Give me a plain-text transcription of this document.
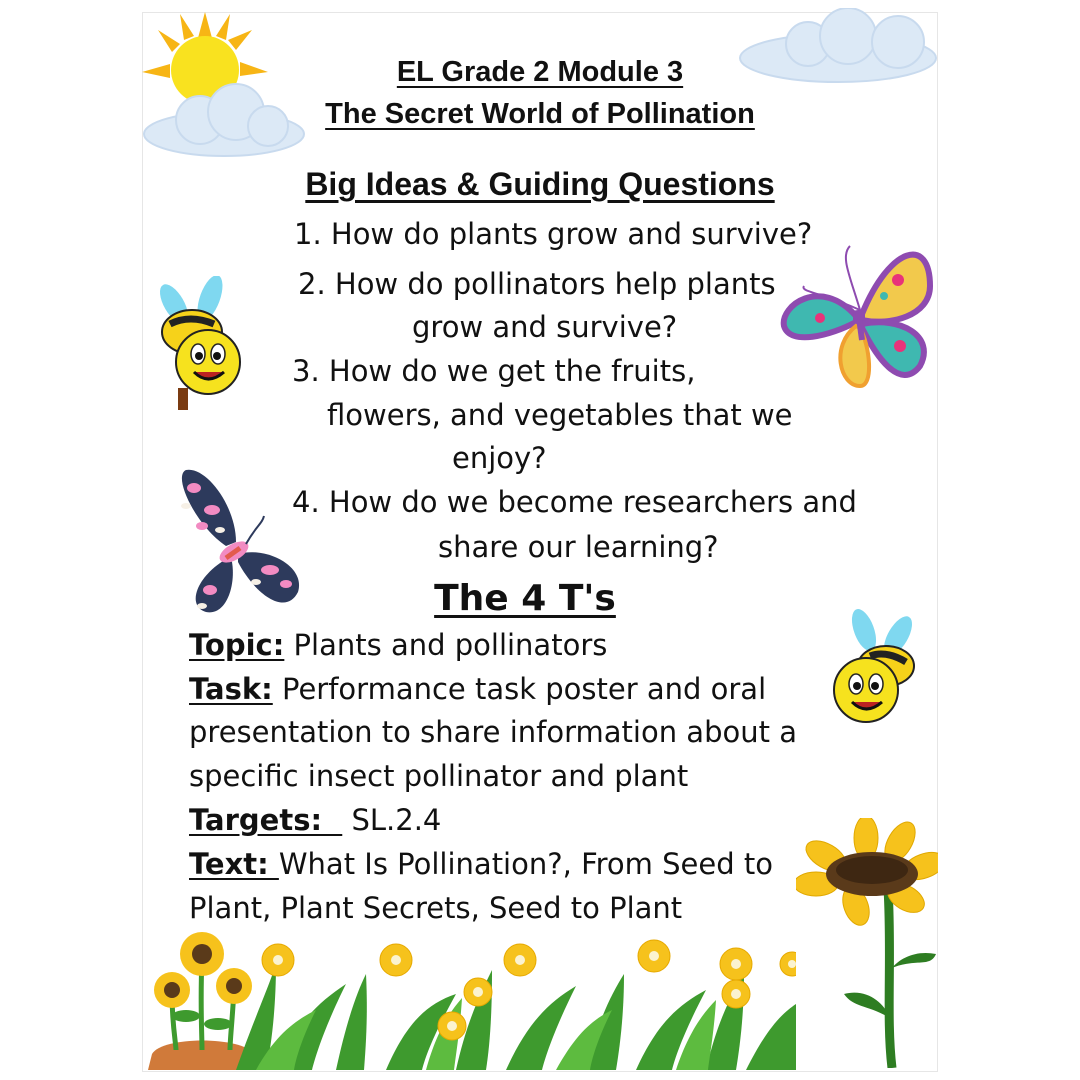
EL Grade 2 Module 3
The Secret World of Pollination
Big Ideas & Guiding Questions
1. How do plants grow and survive?
2. How do pollinators help plants
grow and survive?
3. How do we get the fruits,
flowers, and vegetables that we
enjoy?
4. How do we become researchers and
share our learning?
The 4 T's
Topic: Plants and pollinators
Task: Performance task poster and oral
presentation to share information about a
specific insect pollinator and plant
Targets:   SL.2.4
Text: What Is Pollination?, From Seed to
Plant, Plant Secrets, Seed to Plant
